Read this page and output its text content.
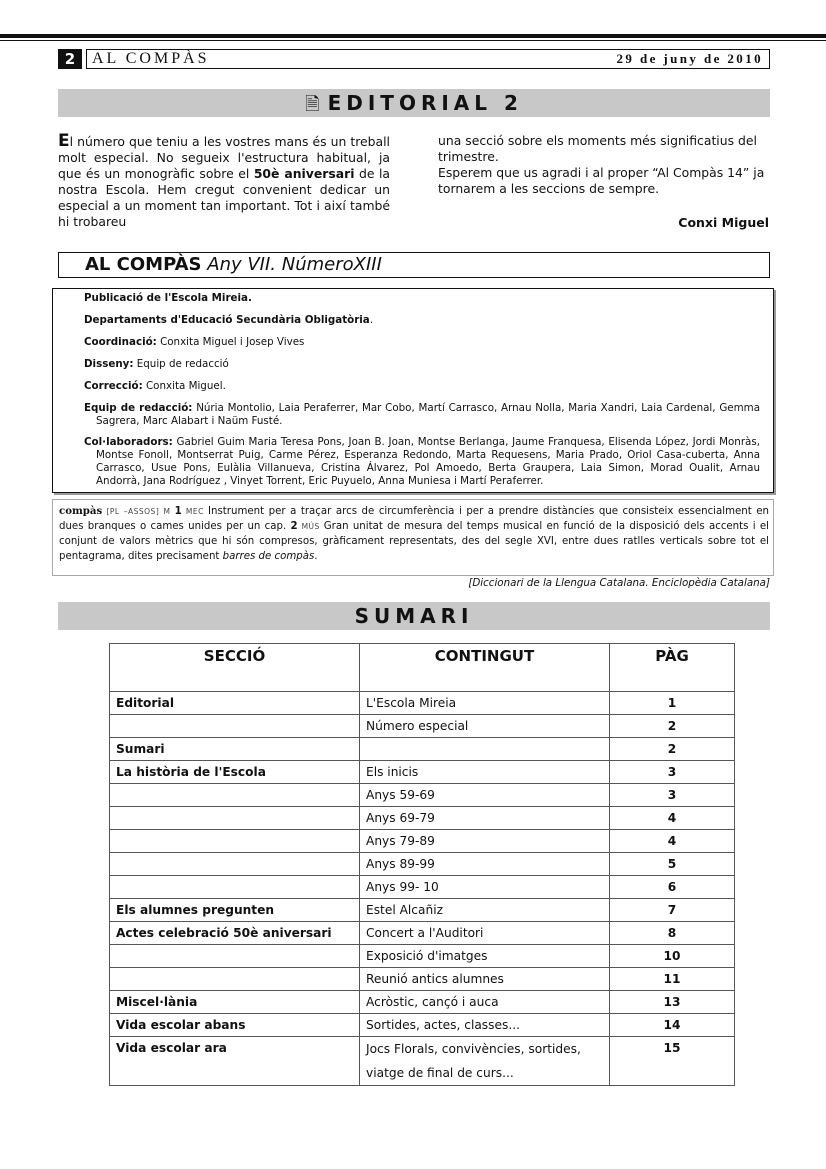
2	AL COMPÀS	29 de juny de 2010
🗎 EDITORIAL 2

El número que teniu a les vostres mans és un treball molt especial. No segueix l'estructura habitual, ja que és un monogràfic sobre el 50è aniversari de la nostra Escola. Hem cregut convenient dedicar un especial a un moment tan important. Tot i així també hi trobareu

una secció sobre els moments més significatius del trimestre.

Esperem que us agradi i al proper “Al Compàs 14” ja tornarem a les seccions de sempre.

Conxi Miguel
AL COMPÀS Any VII. NúmeroXIII
Publicació de l'Escola Mireia.
Departaments d'Educació Secundària Obligatòria.
Coordinació: Conxita Miguel i Josep Vives
Disseny: Equip de redacció
Correcció: Conxita Miguel.
Equip de redacció: Núria Montolio, Laia Peraferrer, Mar Cobo, Martí Carrasco, Arnau Nolla, Maria Xandri, Laia Cardenal, Gemma Sagrera, Marc Alabart i Naüm Fusté.
Col·laboradors: Gabriel Guim Maria Teresa Pons, Joan B. Joan, Montse Berlanga, Jaume Franquesa, Elisenda López, Jordi Monràs, Montse Fonoll, Montserrat Puig, Carme Pérez, Esperanza Redondo, Marta Requesens, Maria Prado, Oriol Casa-cuberta, Anna Carrasco, Usue Pons, Eulàlia Villanueva, Cristina Álvarez, Pol Amoedo, Berta Graupera, Laia Simon, Morad Oualit, Arnau Andorrà, Jana Rodríguez , Vinyet Torrent, Eric Puyuelo, Anna Muniesa i Martí Peraferrer.
compàs [PL –ASSOS] M 1 MEC Instrument per a traçar arcs de circumferència i per a prendre distàncies que consisteix essencialment en dues branques o cames unides per un cap. 2 MÚS Gran unitat de mesura del temps musical en funció de la disposició dels accents i el conjunt de valors mètrics que hi són compresos, gràficament representats, des del segle XVI, entre dues ratlles verticals sobre tot el pentagrama, dites precisament barres de compàs.
[Diccionari de la Llengua Catalana. Enciclopèdia Catalana]
SUMARI
SECCIÓ	CONTINGUT	PÀG
Editorial	L'Escola Mireia	1
	Número especial	2
Sumari		2
La història de l'Escola	Els inicis	3
	Anys 59-69	3
	Anys 69-79	4
	Anys 79-89	4
	Anys 89-99	5
	Anys 99- 10	6
Els alumnes pregunten	Estel Alcañiz	7
Actes celebració 50è aniversari	Concert a l'Auditori	8
	Exposició d'imatges	10
	Reunió antics alumnes	11
Miscel·lània	Acròstic, cançó i auca	13
Vida escolar abans	Sortides, actes, classes...	14
Vida escolar ara	Jocs Florals, convivències, sortides, viatge de final de curs...	15
